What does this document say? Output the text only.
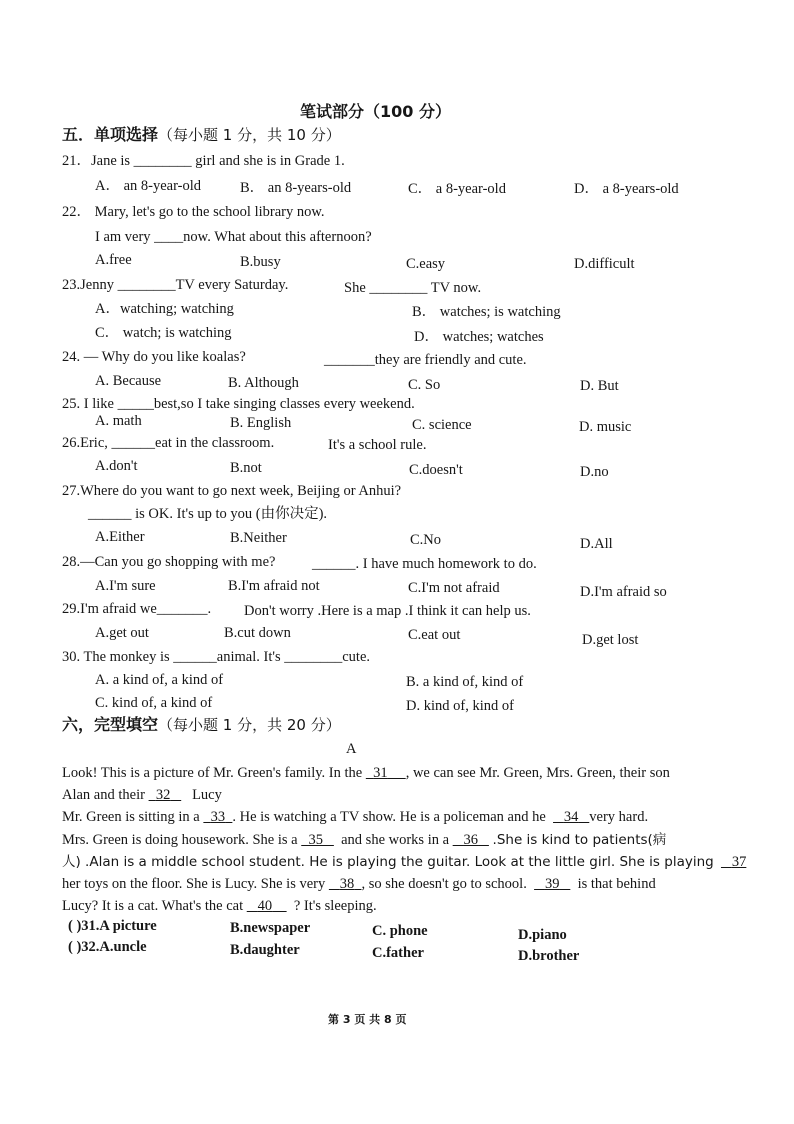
笔试部分（100 分）
五．单项选择（每小题 1 分，共 10 分）
21．Jane is ________ girl and she is in Grade 1.
A． an 8-year-old	B． an 8-years-old	C． a 8-year-old	D． a 8-years-old
22． Mary, let's go to the school library now.
I am very ____now. What about this afternoon?
A.free	B.busy	C.easy	D.difficult
23.Jenny ________TV every Saturday.	She ________ TV now.
A．watching; watching	B． watches; is watching
C． watch; is watching	D． watches; watches
24. — Why do you like koalas?	_______they are friendly and cute.
A. Because	B. Although	C. So	D. But
25. I like _____best,so I take singing classes every weekend.
A. math	B. English	C. science	D. music
26.Eric, ______eat in the classroom.	It's a school rule.
A.don't	B.not	C.doesn't	D.no
27.Where do you want to go next week, Beijing or Anhui?
______ is OK. It's up to you (由你决定).
A.Either	B.Neither	C.No	D.All
28.—Can you go shopping with me?	______. I have much homework to do.
A.I'm sure	B.I'm afraid not	C.I'm not afraid	D.I'm afraid so
29.I'm afraid we_______. Don't worry .Here is a map .I think it can help us.
A.get out	B.cut down	C.eat out	D.get lost
30. The monkey is ______animal. It's ________cute.
A. a kind of, a kind of	B. a kind of, kind of
C. kind of, a kind of	D. kind of, kind of
六，完型填空（每小题 1 分，共 20 分）
A
Look! This is a picture of Mr. Green's family. In the 31 , we can see Mr. Green, Mrs. Green, their son
Alan and their 32 Lucy
Mr. Green is sitting in a 33 . He is watching a TV show. He is a policeman and he 34 very hard.
Mrs. Green is doing housework. She is a 35 and she works in a 36 .She is kind to patients(病
人) .Alan is a middle school student. He is playing the guitar. Look at the little girl. She is playing 37
her toys on the floor. She is Lucy. She is very 38 , so she doesn't go to school. 39 is that behind
Lucy? It is a cat. What's the cat 40 ? It's sleeping.
( )31.A picture	B.newspaper	C. phone	D.piano
( )32.A.uncle	B.daughter	C.father	D.brother
第 3 页 共 8 页
